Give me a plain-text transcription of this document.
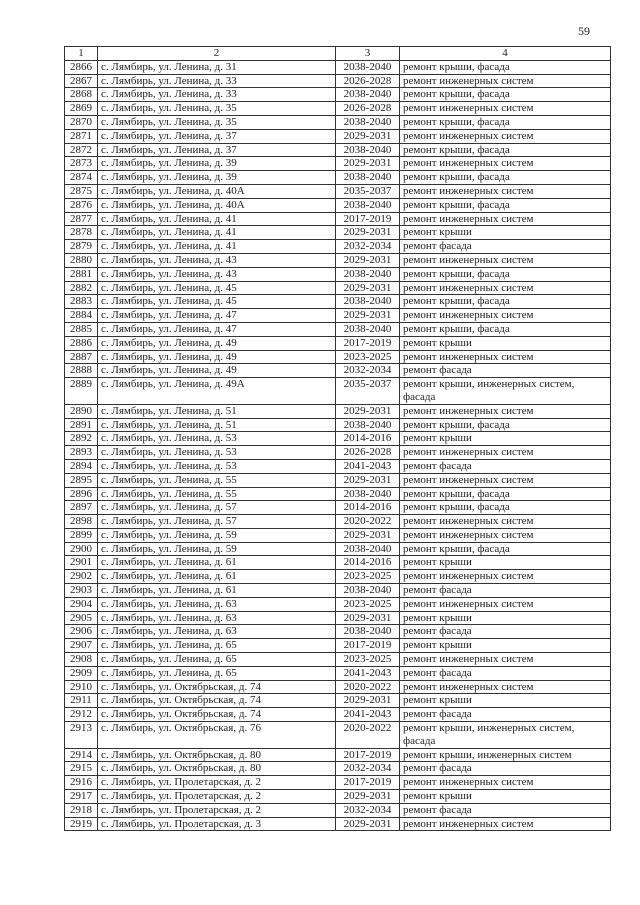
59
1	2	3	4
2866	с. Лямбирь, ул. Ленина, д. 31	2038-2040	ремонт крыши, фасада
2867	с. Лямбирь, ул. Ленина, д. 33	2026-2028	ремонт инженерных систем
2868	с. Лямбирь, ул. Ленина, д. 33	2038-2040	ремонт крыши, фасада
2869	с. Лямбирь, ул. Ленина, д. 35	2026-2028	ремонт инженерных систем
2870	с. Лямбирь, ул. Ленина, д. 35	2038-2040	ремонт крыши, фасада
2871	с. Лямбирь, ул. Ленина, д. 37	2029-2031	ремонт инженерных систем
2872	с. Лямбирь, ул. Ленина, д. 37	2038-2040	ремонт крыши, фасада
2873	с. Лямбирь, ул. Ленина, д. 39	2029-2031	ремонт инженерных систем
2874	с. Лямбирь, ул. Ленина, д. 39	2038-2040	ремонт крыши, фасада
2875	с. Лямбирь, ул. Ленина, д. 40А	2035-2037	ремонт инженерных систем
2876	с. Лямбирь, ул. Ленина, д. 40А	2038-2040	ремонт крыши, фасада
2877	с. Лямбирь, ул. Ленина, д. 41	2017-2019	ремонт инженерных систем
2878	с. Лямбирь, ул. Ленина, д. 41	2029-2031	ремонт крыши
2879	с. Лямбирь, ул. Ленина, д. 41	2032-2034	ремонт фасада
2880	с. Лямбирь, ул. Ленина, д. 43	2029-2031	ремонт инженерных систем
2881	с. Лямбирь, ул. Ленина, д. 43	2038-2040	ремонт крыши, фасада
2882	с. Лямбирь, ул. Ленина, д. 45	2029-2031	ремонт инженерных систем
2883	с. Лямбирь, ул. Ленина, д. 45	2038-2040	ремонт крыши, фасада
2884	с. Лямбирь, ул. Ленина, д. 47	2029-2031	ремонт инженерных систем
2885	с. Лямбирь, ул. Ленина, д. 47	2038-2040	ремонт крыши, фасада
2886	с. Лямбирь, ул. Ленина, д. 49	2017-2019	ремонт крыши
2887	с. Лямбирь, ул. Ленина, д. 49	2023-2025	ремонт инженерных систем
2888	с. Лямбирь, ул. Ленина, д. 49	2032-2034	ремонт фасада
2889	с. Лямбирь, ул. Ленина, д. 49А	2035-2037	ремонт крыши, инженерных систем, фасада
2890	с. Лямбирь, ул. Ленина, д. 51	2029-2031	ремонт инженерных систем
2891	с. Лямбирь, ул. Ленина, д. 51	2038-2040	ремонт крыши, фасада
2892	с. Лямбирь, ул. Ленина, д. 53	2014-2016	ремонт крыши
2893	с. Лямбирь, ул. Ленина, д. 53	2026-2028	ремонт инженерных систем
2894	с. Лямбирь, ул. Ленина, д. 53	2041-2043	ремонт фасада
2895	с. Лямбирь, ул. Ленина, д. 55	2029-2031	ремонт инженерных систем
2896	с. Лямбирь, ул. Ленина, д. 55	2038-2040	ремонт крыши, фасада
2897	с. Лямбирь, ул. Ленина, д. 57	2014-2016	ремонт крыши, фасада
2898	с. Лямбирь, ул. Ленина, д. 57	2020-2022	ремонт инженерных систем
2899	с. Лямбирь, ул. Ленина, д. 59	2029-2031	ремонт инженерных систем
2900	с. Лямбирь, ул. Ленина, д. 59	2038-2040	ремонт крыши, фасада
2901	с. Лямбирь, ул. Ленина, д. 61	2014-2016	ремонт крыши
2902	с. Лямбирь, ул. Ленина, д. 61	2023-2025	ремонт инженерных систем
2903	с. Лямбирь, ул. Ленина, д. 61	2038-2040	ремонт фасада
2904	с. Лямбирь, ул. Ленина, д. 63	2023-2025	ремонт инженерных систем
2905	с. Лямбирь, ул. Ленина, д. 63	2029-2031	ремонт крыши
2906	с. Лямбирь, ул. Ленина, д. 63	2038-2040	ремонт фасада
2907	с. Лямбирь, ул. Ленина, д. 65	2017-2019	ремонт крыши
2908	с. Лямбирь, ул. Ленина, д. 65	2023-2025	ремонт инженерных систем
2909	с. Лямбирь, ул. Ленина, д. 65	2041-2043	ремонт фасада
2910	с. Лямбирь, ул. Октябрьская, д. 74	2020-2022	ремонт инженерных систем
2911	с. Лямбирь, ул. Октябрьская, д. 74	2029-2031	ремонт крыши
2912	с. Лямбирь, ул. Октябрьская, д. 74	2041-2043	ремонт фасада
2913	с. Лямбирь, ул. Октябрьская, д. 76	2020-2022	ремонт крыши, инженерных систем, фасада
2914	с. Лямбирь, ул. Октябрьская, д. 80	2017-2019	ремонт крыши, инженерных систем
2915	с. Лямбирь, ул. Октябрьская, д. 80	2032-2034	ремонт фасада
2916	с. Лямбирь, ул. Пролетарская, д. 2	2017-2019	ремонт инженерных систем
2917	с. Лямбирь, ул. Пролетарская, д. 2	2029-2031	ремонт крыши
2918	с. Лямбирь, ул. Пролетарская, д. 2	2032-2034	ремонт фасада
2919	с. Лямбирь, ул. Пролетарская, д. 3	2029-2031	ремонт инженерных систем
